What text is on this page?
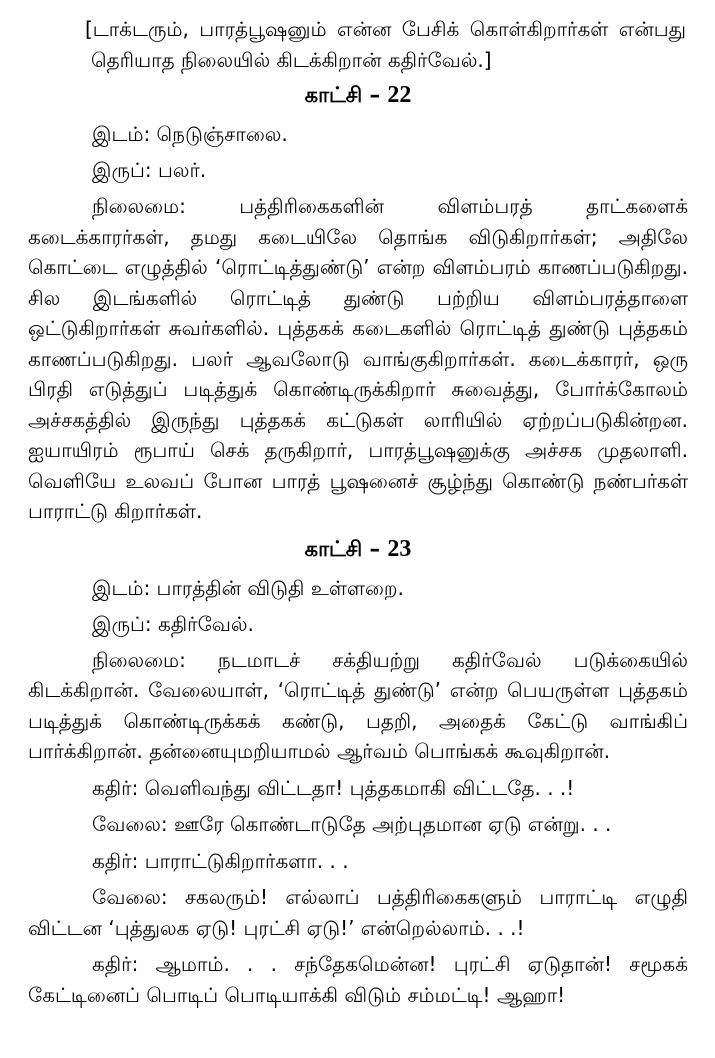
[டாக்டரும், பாரத்பூஷனும் என்ன பேசிக் கொள்கிறார்கள் என்பது தெரியாத நிலையில் கிடக்கிறான் கதிர்வேல்.]

காட்சி – 22

இடம்: நெடுஞ்சாலை.

இருப்: பலர்.

நிலைமை: பத்திரிகைகளின் விளம்பரத் தாட்களைக் கடைக்காரர்கள், தமது கடையிலே தொங்க விடுகிறார்கள்; அதிலே கொட்டை எழுத்தில் ‘ரொட்டித்துண்டு’ என்ற விளம்பரம் காணப்படுகிறது. சில இடங்களில் ரொட்டித் துண்டு பற்றிய விளம்பரத்தாளை ஒட்டுகிறார்கள் சுவர்களில். புத்தகக் கடைகளில் ரொட்டித் துண்டு புத்தகம் காணப்படுகிறது. பலர் ஆவலோடு வாங்குகிறார்கள். கடைக்காரர், ஒரு பிரதி எடுத்துப் படித்துக் கொண்டிருக்கிறார் சுவைத்து, போர்க்கோலம் அச்சகத்தில் இருந்து புத்தகக் கட்டுகள் லாரியில் ஏற்றப்படுகின்றன. ஐயாயிரம் ரூபாய் செக் தருகிறார், பாரத்பூஷனுக்கு அச்சக முதலாளி. வெளியே உலவப் போன பாரத் பூஷனைச் சூழ்ந்து கொண்டு நண்பர்கள் பாராட்டு கிறார்கள்.

காட்சி – 23

இடம்: பாரத்தின் விடுதி உள்ளறை.

இருப்: கதிர்வேல்.

நிலைமை: நடமாடச் சக்தியற்று கதிர்வேல் படுக்கையில் கிடக்கிறான். வேலையாள், ‘ரொட்டித் துண்டு’ என்ற பெயருள்ள புத்தகம் படித்துக் கொண்டிருக்கக் கண்டு, பதறி, அதைக் கேட்டு வாங்கிப் பார்க்கிறான். தன்னையுமறியாமல் ஆர்வம் பொங்கக் கூவுகிறான்.

கதிர்: வெளிவந்து விட்டதா! புத்தகமாகி விட்டதே. . .!

வேலை: ஊரே கொண்டாடுதே அற்புதமான ஏடு என்று. . .

கதிர்: பாராட்டுகிறார்களா. . .

வேலை: சகலரும்! எல்லாப் பத்திரிகைகளும் பாராட்டி எழுதி விட்டன ‘புத்துலக ஏடு! புரட்சி ஏடு!’ என்றெல்லாம். . .!

கதிர்: ஆமாம். . . சந்தேகமென்ன! புரட்சி ஏடுதான்! சமூகக் கேட்டினைப் பொடிப் பொடியாக்கி விடும் சம்மட்டி! ஆஹா!
